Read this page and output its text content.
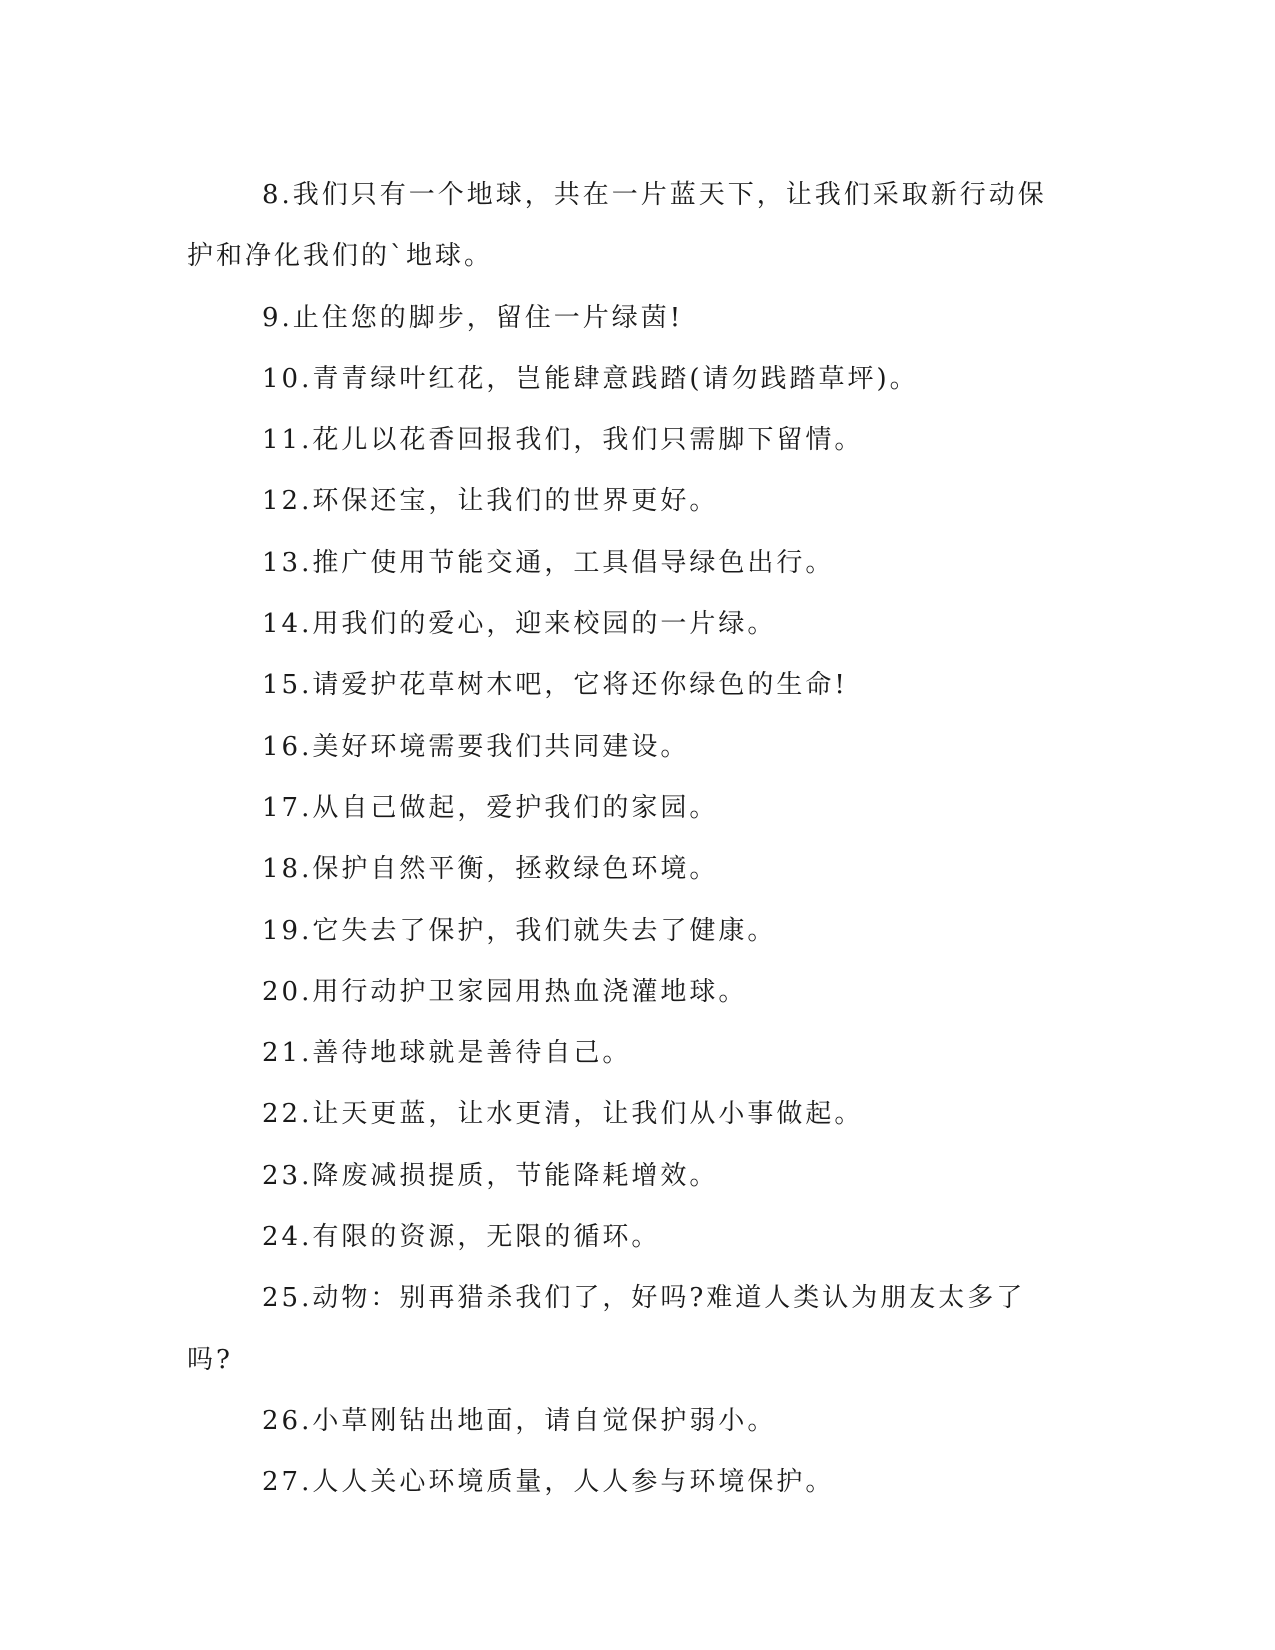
8.我们只有一个地球，共在一片蓝天下，让我们采取新行动保护和净化我们的`地球。

9.止住您的脚步，留住一片绿茵!

10.青青绿叶红花，岂能肆意践踏(请勿践踏草坪)。

11.花儿以花香回报我们，我们只需脚下留情。

12.环保还宝，让我们的世界更好。

13.推广使用节能交通，工具倡导绿色出行。

14.用我们的爱心，迎来校园的一片绿。

15.请爱护花草树木吧，它将还你绿色的生命!

16.美好环境需要我们共同建设。

17.从自己做起，爱护我们的家园。

18.保护自然平衡，拯救绿色环境。

19.它失去了保护，我们就失去了健康。

20.用行动护卫家园用热血浇灌地球。

21.善待地球就是善待自己。

22.让天更蓝，让水更清，让我们从小事做起。

23.降废减损提质，节能降耗增效。

24.有限的资源，无限的循环。

25.动物：别再猎杀我们了，好吗?难道人类认为朋友太多了吗?

26.小草刚钻出地面，请自觉保护弱小。

27.人人关心环境质量，人人参与环境保护。
